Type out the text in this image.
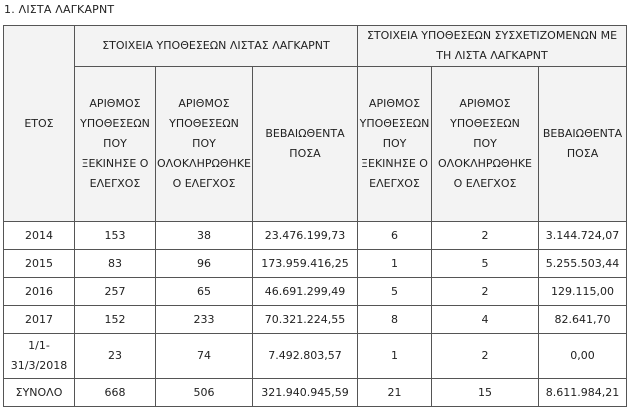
1. ΛΙΣΤΑ ΛΑΓΚΑΡΝΤ
ΕΤΟΣ	ΣΤΟΙΧΕΙΑ ΥΠΟΘΕΣΕΩΝ ΛΙΣΤΑΣ ΛΑΓΚΑΡΝΤ			ΣΤΟΙΧΕΙΑ ΥΠΟΘΕΣΕΩΝ ΣΥΣΧΕΤΙΖΟΜΕΝΩΝ ΜΕ
ΤΗ ΛΙΣΤΑ ΛΑΓΚΑΡΝΤ		

	ΑΡΙΘΜΟΣ
ΥΠΟΘΕΣΕΩΝ
ΠΟΥ
ΞΕΚΙΝΗΣΕ Ο
ΕΛΕΓΧΟΣ	ΑΡΙΘΜΟΣ
ΥΠΟΘΕΣΕΩΝ
ΠΟΥ
ΟΛΟΚΛΗΡΩΘΗΚΕ
Ο ΕΛΕΓΧΟΣ	ΒΕΒΑΙΩΘΕΝΤΑ
ΠΟΣΑ	ΑΡΙΘΜΟΣ
ΥΠΟΘΕΣΕΩΝ
ΠΟΥ
ΞΕΚΙΝΗΣΕ Ο
ΕΛΕΓΧΟΣ	ΑΡΙΘΜΟΣ
ΥΠΟΘΕΣΕΩΝ
ΠΟΥ
ΟΛΟΚΛΗΡΩΘΗΚΕ
Ο ΕΛΕΓΧΟΣ	ΒΕΒΑΙΩΘΕΝΤΑ
ΠΟΣΑ

2014	153	38	23.476.199,73	6	2	3.144.724,07
2015	83	96	173.959.416,25	1	5	5.255.503,44
2016	257	65	46.691.299,49	5	2	129.115,00
2017	152	233	70.321.224,55	8	4	82.641,70

1/1-
31/3/2018	23	74	7.492.803,57	1	2	0,00
ΣΥΝΟΛΟ	668	506	321.940.945,59	21	15	8.611.984,21
